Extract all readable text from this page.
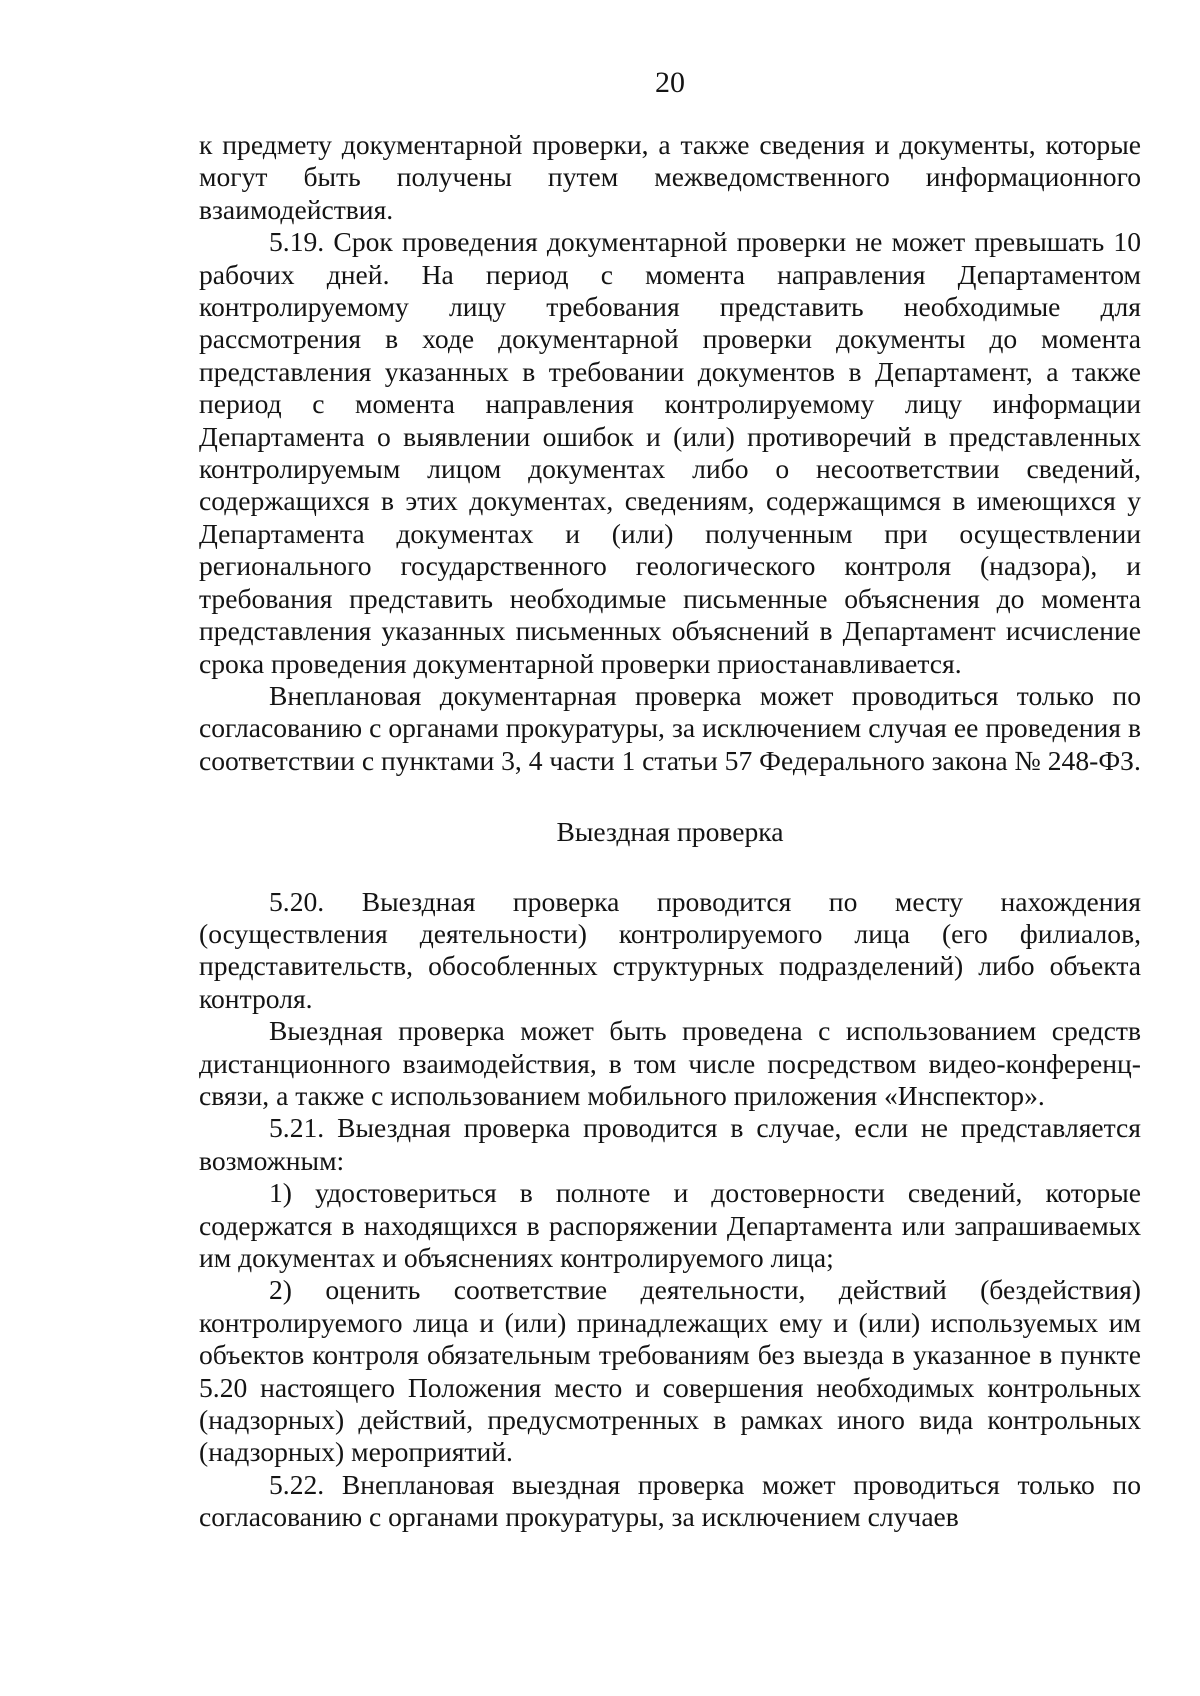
20

к предмету документарной проверки, а также сведения и документы, которые могут быть получены путем межведомственного информационного взаимодействия.

5.19. Срок проведения документарной проверки не может превышать 10 рабочих дней. На период с момента направления Департаментом контролируемому лицу требования представить необходимые для рассмотрения в ходе документарной проверки документы до момента представления указанных в требовании документов в Департамент, а также период с момента направления контролируемому лицу информации Департамента о выявлении ошибок и (или) противоречий в представленных контролируемым лицом документах либо о несоответствии сведений, содержащихся в этих документах, сведениям, содержащимся в имеющихся у Департамента документах и (или) полученным при осуществлении регионального государственного геологического контроля (надзора), и требования представить необходимые письменные объяснения до момента представления указанных письменных объяснений в Департамент исчисление срока проведения документарной проверки приостанавливается.

Внеплановая документарная проверка может проводиться только по согласованию с органами прокуратуры, за исключением случая ее проведения в соответствии с пунктами 3, 4 части 1 статьи 57 Федерального закона № 248-ФЗ.

Выездная проверка

5.20. Выездная проверка проводится по месту нахождения (осуществления деятельности) контролируемого лица (его филиалов, представительств, обособленных структурных подразделений) либо объекта контроля.

Выездная проверка может быть проведена с использованием средств дистанционного взаимодействия, в том числе посредством видео-конференц-связи, а также с использованием мобильного приложения «Инспектор».

5.21. Выездная проверка проводится в случае, если не представляется возможным:

1) удостовериться в полноте и достоверности сведений, которые содержатся в находящихся в распоряжении Департамента или запрашиваемых им документах и объяснениях контролируемого лица;

2) оценить соответствие деятельности, действий (бездействия) контролируемого лица и (или) принадлежащих ему и (или) используемых им объектов контроля обязательным требованиям без выезда в указанное в пункте 5.20 настоящего Положения место и совершения необходимых контрольных (надзорных) действий, предусмотренных в рамках иного вида контрольных (надзорных) мероприятий.

5.22. Внеплановая выездная проверка может проводиться только по согласованию с органами прокуратуры, за исключением случаев
